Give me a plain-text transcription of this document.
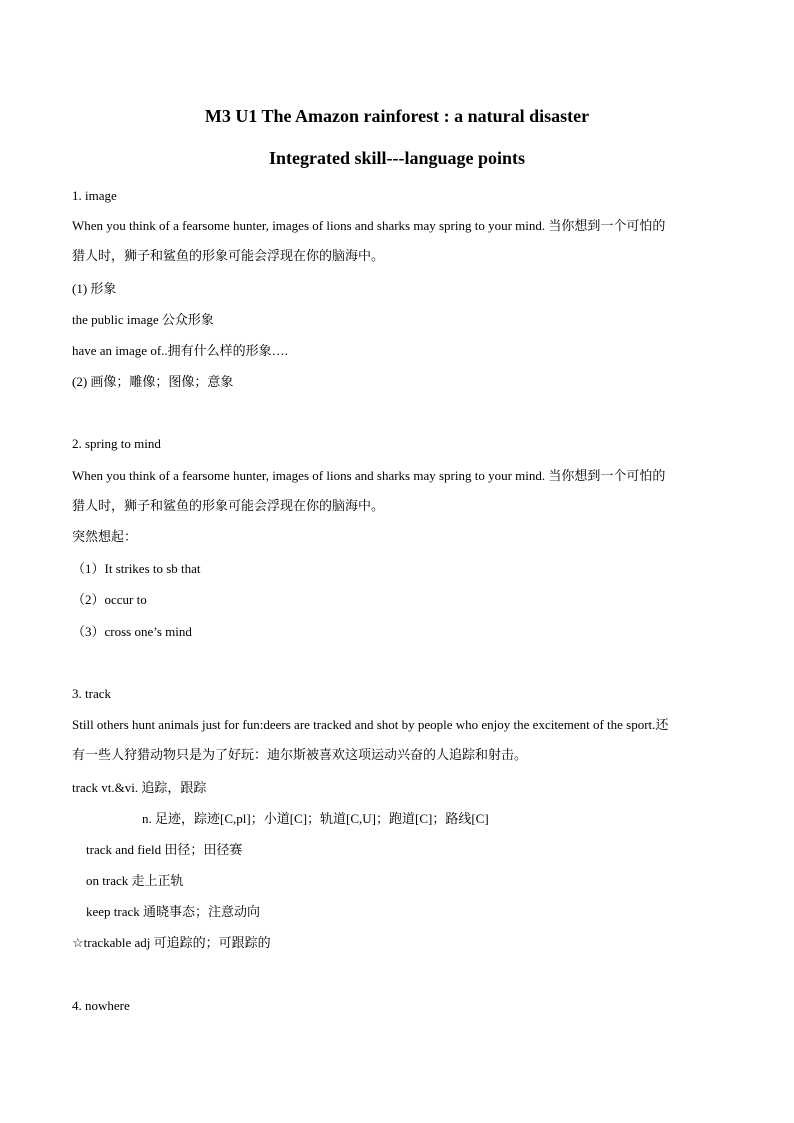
M3 U1 The Amazon rainforest : a natural disaster
Integrated skill---language points
1. image
When you think of a fearsome hunter, images of lions and sharks may spring to your mind. 当你想到一个可怕的
猎人时，狮子和鲨鱼的形象可能会浮现在你的脑海中。
(1) 形象
the public image 公众形象
have an image of..拥有什么样的形象….
(2) 画像；雕像；图像；意象
2. spring to mind
When you think of a fearsome hunter, images of lions and sharks may spring to your mind. 当你想到一个可怕的
猎人时，狮子和鲨鱼的形象可能会浮现在你的脑海中。
突然想起：
（1）It strikes to sb that
（2）occur to
（3）cross one’s mind
3. track
Still others hunt animals just for fun:deers are tracked and shot by people who enjoy the excitement of the sport.还
有一些人狩猎动物只是为了好玩：迪尔斯被喜欢这项运动兴奋的人追踪和射击。
track vt.&vi. 追踪，跟踪
n. 足迹，踪迹[C,pl]；小道[C]；轨道[C,U]；跑道[C]；路线[C]
track and field 田径；田径赛
on track 走上正轨
keep track 通晓事态；注意动向
☆trackable adj 可追踪的；可跟踪的
4. nowhere
